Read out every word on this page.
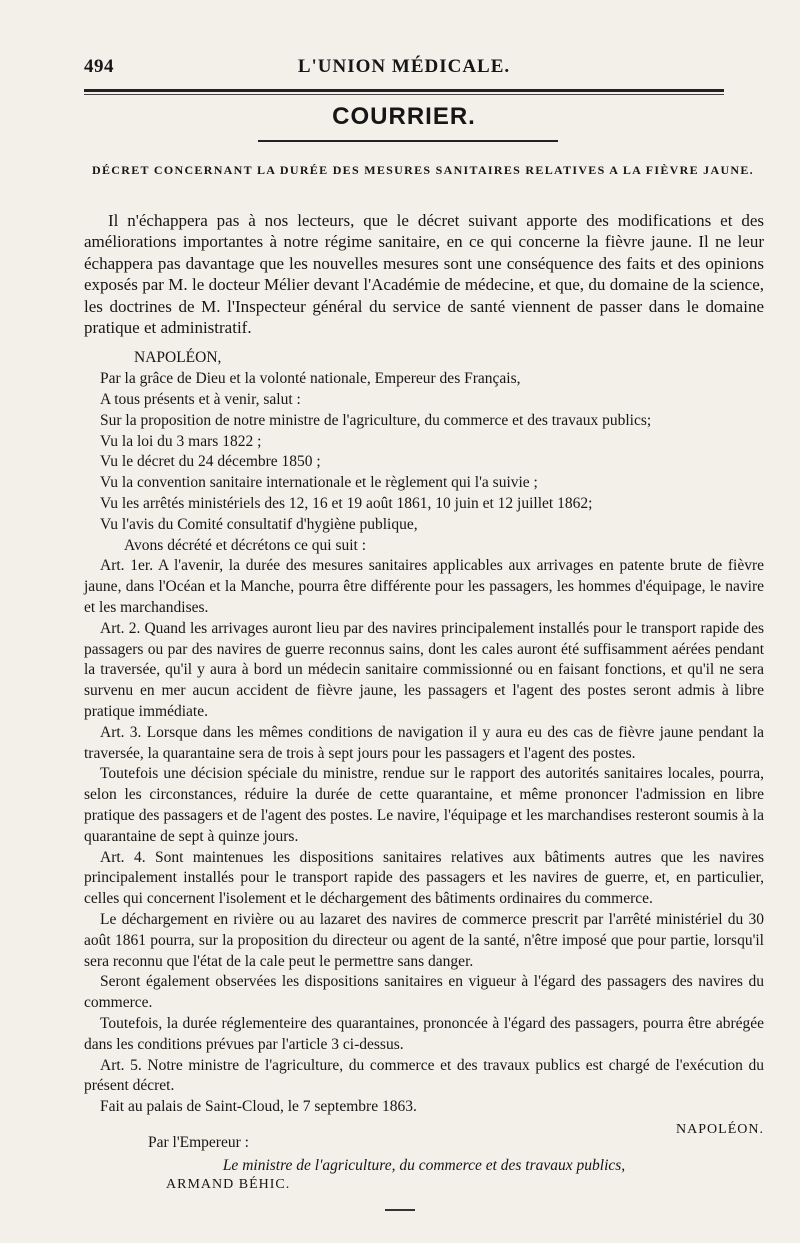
494	L'UNION MÉDICALE.
COURRIER.
DÉCRET CONCERNANT LA DURÉE DES MESURES SANITAIRES RELATIVES A LA FIÈVRE JAUNE.

Il n'échappera pas à nos lecteurs, que le décret suivant apporte des modifications et des améliorations importantes à notre régime sanitaire, en ce qui concerne la fièvre jaune. Il ne leur échappera pas davantage que les nouvelles mesures sont une conséquence des faits et des opinions exposés par M. le docteur Mélier devant l'Académie de médecine, et que, du domaine de la science, les doctrines de M. l'Inspecteur général du service de santé viennent de passer dans le domaine pratique et administratif.

NAPOLÉON,

Par la grâce de Dieu et la volonté nationale, Empereur des Français,

A tous présents et à venir, salut :

Sur la proposition de notre ministre de l'agriculture, du commerce et des travaux publics;

Vu la loi du 3 mars 1822 ;

Vu le décret du 24 décembre 1850 ;

Vu la convention sanitaire internationale et le règlement qui l'a suivie ;

Vu les arrêtés ministériels des 12, 16 et 19 août 1861, 10 juin et 12 juillet 1862;

Vu l'avis du Comité consultatif d'hygiène publique,

Avons décrété et décrétons ce qui suit :

Art. 1er. A l'avenir, la durée des mesures sanitaires applicables aux arrivages en patente brute de fièvre jaune, dans l'Océan et la Manche, pourra être différente pour les passagers, les hommes d'équipage, le navire et les marchandises.

Art. 2. Quand les arrivages auront lieu par des navires principalement installés pour le transport rapide des passagers ou par des navires de guerre reconnus sains, dont les cales auront été suffisamment aérées pendant la traversée, qu'il y aura à bord un médecin sanitaire commissionné ou en faisant fonctions, et qu'il ne sera survenu en mer aucun accident de fièvre jaune, les passagers et l'agent des postes seront admis à libre pratique immédiate.

Art. 3. Lorsque dans les mêmes conditions de navigation il y aura eu des cas de fièvre jaune pendant la traversée, la quarantaine sera de trois à sept jours pour les passagers et l'agent des postes.

Toutefois une décision spéciale du ministre, rendue sur le rapport des autorités sanitaires locales, pourra, selon les circonstances, réduire la durée de cette quarantaine, et même prononcer l'admission en libre pratique des passagers et de l'agent des postes. Le navire, l'équipage et les marchandises resteront soumis à la quarantaine de sept à quinze jours.

Art. 4. Sont maintenues les dispositions sanitaires relatives aux bâtiments autres que les navires principalement installés pour le transport rapide des passagers et les navires de guerre, et, en particulier, celles qui concernent l'isolement et le déchargement des bâtiments ordinaires du commerce.

Le déchargement en rivière ou au lazaret des navires de commerce prescrit par l'arrêté ministériel du 30 août 1861 pourra, sur la proposition du directeur ou agent de la santé, n'être imposé que pour partie, lorsqu'il sera reconnu que l'état de la cale peut le permettre sans danger.

Seront également observées les dispositions sanitaires en vigueur à l'égard des passagers des navires du commerce.

Toutefois, la durée réglementeire des quarantaines, prononcée à l'égard des passagers, pourra être abrégée dans les conditions prévues par l'article 3 ci-dessus.

Art. 5. Notre ministre de l'agriculture, du commerce et des travaux publics est chargé de l'exécution du présent décret.

Fait au palais de Saint-Cloud, le 7 septembre 1863.

NAPOLÉON.
Par l'Empereur :
Le ministre de l'agriculture, du commerce et des travaux publics,
ARMAND BÉHIC.
